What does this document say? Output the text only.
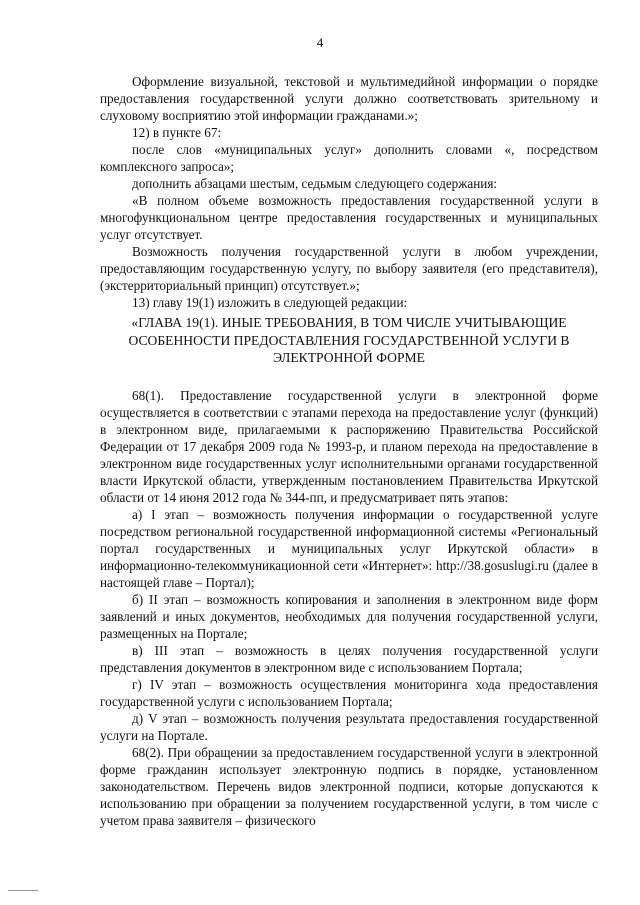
4

Оформление визуальной, текстовой и мультимедийной информации о порядке предоставления государственной услуги должно соответствовать зрительному и слуховому восприятию этой информации гражданами.»;

12) в пункте 67:

после слов «муниципальных услуг» дополнить словами «, посредством комплексного запроса»;

дополнить абзацами шестым, седьмым следующего содержания:

«В полном объеме возможность предоставления государственной услуги в многофункциональном центре предоставления государственных и муниципальных услуг отсутствует.

Возможность получения государственной услуги в любом учреждении, предоставляющим государственную услугу, по выбору заявителя (его представителя), (экстерриториальный принцип) отсутствует.»;

13) главу 19(1) изложить в следующей редакции:

«ГЛАВА 19(1). ИНЫЕ ТРЕБОВАНИЯ, В ТОМ ЧИСЛЕ УЧИТЫВАЮЩИЕ ОСОБЕННОСТИ ПРЕДОСТАВЛЕНИЯ ГОСУДАРСТВЕННОЙ УСЛУГИ В ЭЛЕКТРОННОЙ ФОРМЕ

68(1). Предоставление государственной услуги в электронной форме осуществляется в соответствии с этапами перехода на предоставление услуг (функций) в электронном виде, прилагаемыми к распоряжению Правительства Российской Федерации от 17 декабря 2009 года № 1993-р, и планом перехода на предоставление в электронном виде государственных услуг исполнительными органами государственной власти Иркутской области, утвержденным постановлением Правительства Иркутской области от 14 июня 2012 года № 344-пп, и предусматривает пять этапов:

а) I этап – возможность получения информации о государственной услуге посредством региональной государственной информационной системы «Региональный портал государственных и муниципальных услуг Иркутской области» в информационно-телекоммуникационной сети «Интернет»: http://38.gosuslugi.ru (далее в настоящей главе – Портал);

б) II этап – возможность копирования и заполнения в электронном виде форм заявлений и иных документов, необходимых для получения государственной услуги, размещенных на Портале;

в) III этап – возможность в целях получения государственной услуги представления документов в электронном виде с использованием Портала;

г) IV этап – возможность осуществления мониторинга хода предоставления государственной услуги с использованием Портала;

д) V этап – возможность получения результата предоставления государственной услуги на Портале.

68(2). При обращении за предоставлением государственной услуги в электронной форме гражданин использует электронную подпись в порядке, установленном законодательством. Перечень видов электронной подписи, которые допускаются к использованию при обращении за получением государственной услуги, в том числе с учетом права заявителя – физического
